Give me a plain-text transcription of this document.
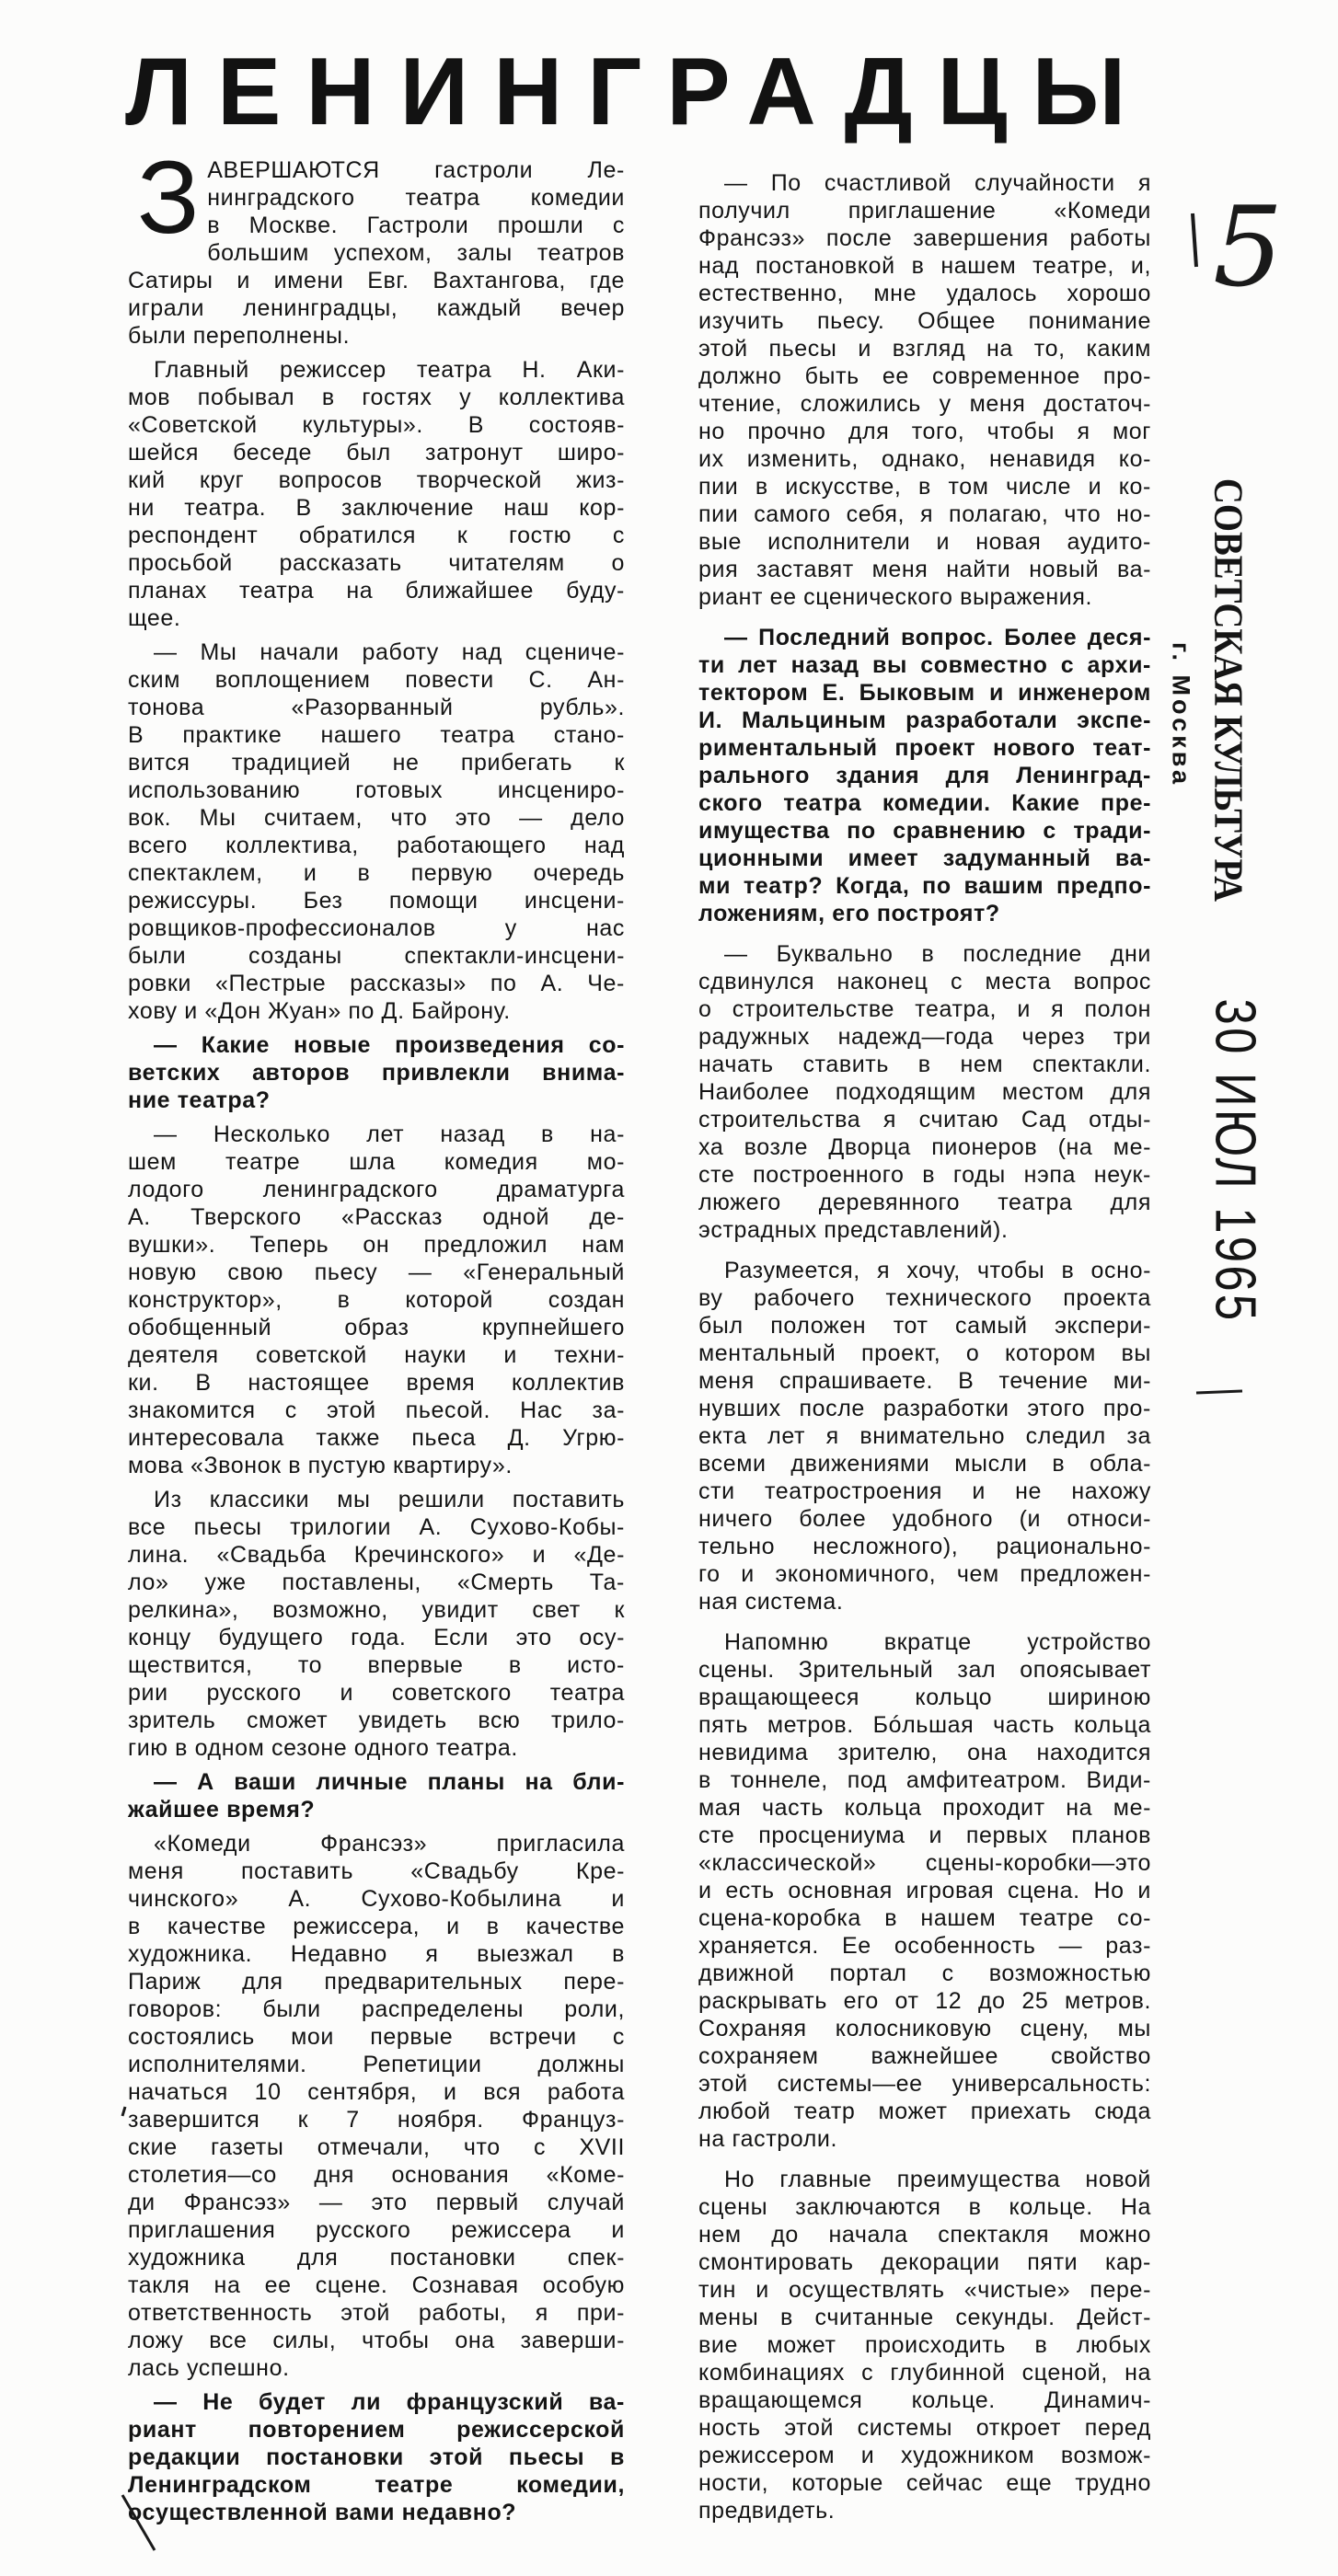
ЛЕНИНГРАДЦЫ
З АВЕРШАЮТСЯ гастроли Ле-
нинградского театра комедии
в Москве. Гастроли прошли с
большим успехом, залы театров
Сатиры и имени Евг. Вахтангова, где
играли ленинградцы, каждый вечер
были переполнены.
Главный режиссер театра Н. Аки-
мов побывал в гостях у коллектива
«Советской культуры». В состояв-
шейся беседе был затронут широ-
кий круг вопросов творческой жиз-
ни театра. В заключение наш кор-
респондент обратился к гостю с
просьбой рассказать читателям о
планах театра на ближайшее буду-
щее.
— Мы начали работу над сцениче-
ским воплощением повести С. Ан-
тонова «Разорванный рубль».
В практике нашего театра стано-
вится традицией не прибегать к
использованию готовых инсцениро-
вок. Мы считаем, что это — дело
всего коллектива, работающего над
спектаклем, и в первую очередь
режиссуры. Без помощи инсцени-
ровщиков-профессионалов у нас
были созданы спектакли-инсцени-
ровки «Пестрые рассказы» по А. Че-
хову и «Дон Жуан» по Д. Байрону.
— Какие новые произведения со-
ветских авторов привлекли внима-
ние театра?
— Несколько лет назад в на-
шем театре шла комедия мо-
лодого ленинградского драматурга
А. Тверского «Рассказ одной де-
вушки». Теперь он предложил нам
новую свою пьесу — «Генеральный
конструктор», в которой создан
обобщенный образ крупнейшего
деятеля советской науки и техни-
ки. В настоящее время коллектив
знакомится с этой пьесой. Нас за-
интересовала также пьеса Д. Угрю-
мова «Звонок в пустую квартиру».
Из классики мы решили поставить
все пьесы трилогии А. Сухово-Кобы-
лина. «Свадьба Кречинского» и «Де-
ло» уже поставлены, «Смерть Та-
релкина», возможно, увидит свет к
концу будущего года. Если это осу-
ществится, то впервые в исто-
рии русского и советского театра
зритель сможет увидеть всю трило-
гию в одном сезоне одного театра.
— А ваши личные планы на бли-
жайшее время?
«Комеди Франсэз» пригласила
меня поставить «Свадьбу Кре-
чинского» А. Сухово-Кобылина и
в качестве режиссера, и в качестве
художника. Недавно я выезжал в
Париж для предварительных пере-
говоров: были распределены роли,
состоялись мои первые встречи с
исполнителями. Репетиции должны
начаться 10 сентября, и вся работа
завершится к 7 ноября. Француз-
ские газеты отмечали, что с XVII
столетия—со дня основания «Коме-
ди Франсэз» — это первый случай
приглашения русского режиссера и
художника для постановки спек-
такля на ее сцене. Сознавая особую
ответственность этой работы, я при-
ложу все силы, чтобы она заверши-
лась успешно.
— Не будет ли французский ва-
риант повторением режиссерской
редакции постановки этой пьесы в
Ленинградском театре комедии,
осуществленной вами недавно?
— По счастливой случайности я
получил приглашение «Комеди
Франсэз» после завершения работы
над постановкой в нашем театре, и,
естественно, мне удалось хорошо
изучить пьесу. Общее понимание
этой пьесы и взгляд на то, каким
должно быть ее современное про-
чтение, сложились у меня достаточ-
но прочно для того, чтобы я мог
их изменить, однако, ненавидя ко-
пии в искусстве, в том числе и ко-
пии самого себя, я полагаю, что но-
вые исполнители и новая аудито-
рия заставят меня найти новый ва-
риант ее сценического выражения.
— Последний вопрос. Более деся-
ти лет назад вы совместно с архи-
тектором Е. Быковым и инженером
И. Мальциным разработали экспе-
риментальный проект нового теат-
рального здания для Ленинград-
ского театра комедии. Какие пре-
имущества по сравнению с тради-
ционными имеет задуманный ва-
ми театр? Когда, по вашим предпо-
ложениям, его построят?
— Буквально в последние дни
сдвинулся наконец с места вопрос
о строительстве театра, и я полон
радужных надежд—года через три
начать ставить в нем спектакли.
Наиболее подходящим местом для
строительства я считаю Сад отды-
ха возле Дворца пионеров (на ме-
сте построенного в годы нэпа неук-
люжего деревянного театра для
эстрадных представлений).
Разумеется, я хочу, чтобы в осно-
ву рабочего технического проекта
был положен тот самый экспери-
ментальный проект, о котором вы
меня спрашиваете. В течение ми-
нувших после разработки этого про-
екта лет я внимательно следил за
всеми движениями мысли в обла-
сти театростроения и не нахожу
ничего более удобного (и относи-
тельно несложного), рационально-
го и экономичного, чем предложен-
ная система.
Напомню вкратце устройство
сцены. Зрительный зал опоясывает
вращающееся кольцо шириною
пять метров. Бóльшая часть кольца
невидима зрителю, она находится
в тоннеле, под амфитеатром. Види-
мая часть кольца проходит на ме-
сте просцениума и первых планов
«классической» сцены-коробки—это
и есть основная игровая сцена. Но и
сцена-коробка в нашем театре со-
храняется. Ее особенность — раз-
движной портал с возможностью
раскрывать его от 12 до 25 метров.
Сохраняя колосниковую сцену, мы
сохраняем важнейшее свойство
этой системы—ее универсальность:
любой театр может приехать сюда
на гастроли.
Но главные преимущества новой
сцены заключаются в кольце. На
нем до начала спектакля можно
смонтировать декорации пяти кар-
тин и осуществлять «чистые» пере-
мены в считанные секунды. Дейст-
вие может происходить в любых
комбинациях с глубинной сценой, на
вращающемся кольце. Динамич-
ность этой системы откроет перед
режиссером и художником возмож-
ности, которые сейчас еще трудно
предвидеть.
СОВЕТСКАЯ КУЛЬТУРА
г. Москва
30 ИЮЛ 1965
5
